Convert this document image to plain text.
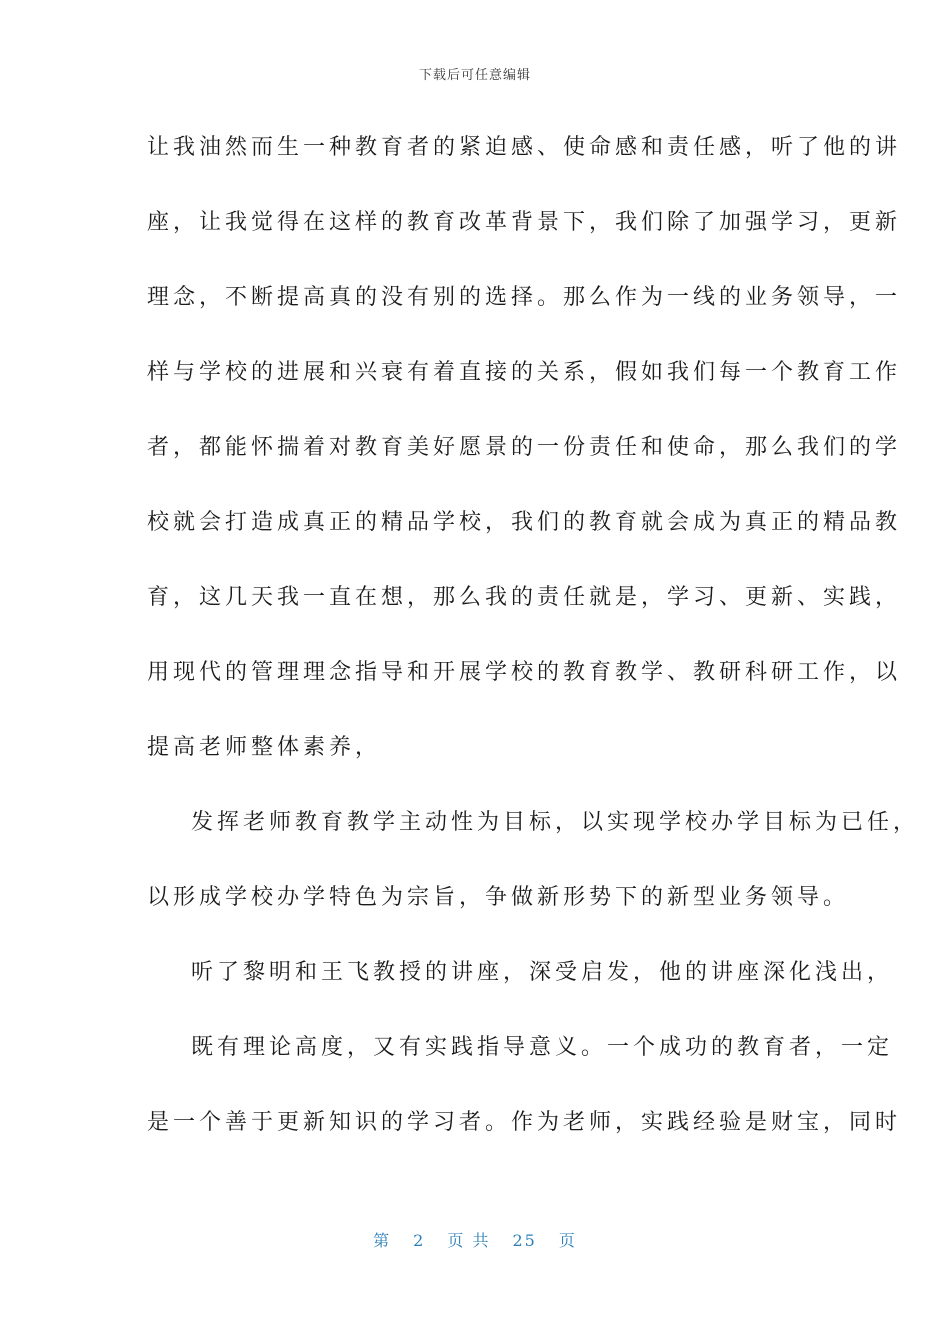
下载后可任意编辑
让我油然而生一种教育者的紧迫感、使命感和责任感，听了他的讲
座，让我觉得在这样的教育改革背景下，我们除了加强学习，更新
理念，不断提高真的没有别的选择。那么作为一线的业务领导，一
样与学校的进展和兴衰有着直接的关系，假如我们每一个教育工作
者，都能怀揣着对教育美好愿景的一份责任和使命，那么我们的学
校就会打造成真正的精品学校，我们的教育就会成为真正的精品教
育，这几天我一直在想，那么我的责任就是，学习、更新、实践，
用现代的管理理念指导和开展学校的教育教学、教研科研工作，以
提高老师整体素养，
发挥老师教育教学主动性为目标，以实现学校办学目标为已任，
以形成学校办学特色为宗旨，争做新形势下的新型业务领导。
听了黎明和王飞教授的讲座，深受启发，他的讲座深化浅出，
既有理论高度，又有实践指导意义。一个成功的教育者，一定
是一个善于更新知识的学习者。作为老师，实践经验是财宝，同时
第 2 页 共 25 页
